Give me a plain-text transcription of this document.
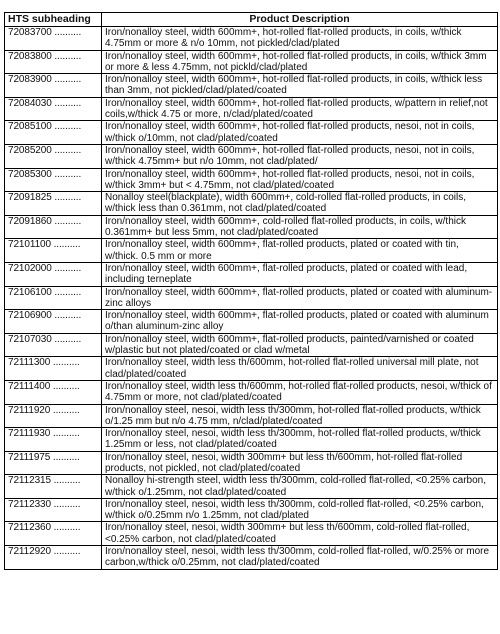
HTS subheading	Product Description
72083700 ..........	Iron/nonalloy steel, width 600mm+, hot-rolled flat-rolled products, in coils, w/thick 4.75mm or more & n/o 10mm, not pickled/clad/plated
72083800 ..........	Iron/nonalloy steel, width 600mm+, hot-rolled flat-rolled products, in coils, w/thick 3mm or more & less 4.75mm, not pickld/clad/plated
72083900 ..........	Iron/nonalloy steel, width 600mm+, hot-rolled flat-rolled products, in coils, w/thick less than 3mm, not pickled/clad/plated/coated
72084030 ..........	Iron/nonalloy steel, width 600mm+, hot-rolled flat-rolled products, w/pattern in relief,not coils,w/thick 4.75 or more, n/clad/plated/coated
72085100 ..........	Iron/nonalloy steel, width 600mm+, hot-rolled flat-rolled products, nesoi, not in coils, w/thick o/10mm, not clad/plated/coated
72085200 ..........	Iron/nonalloy steel, width 600mm+, hot-rolled flat-rolled products, nesoi, not in coils, w/thick 4.75mm+ but n/o 10mm, not clad/plated/
72085300 ..........	Iron/nonalloy steel, width 600mm+, hot-rolled flat-rolled products, nesoi, not in coils, w/thick 3mm+ but < 4.75mm, not clad/plated/coated
72091825 ..........	Nonalloy steel(blackplate), width 600mm+, cold-rolled flat-rolled products, in coils, w/thick less than 0.361mm, not clad/plated/coated
72091860 ..........	Iron/nonalloy steel, width 600mm+, cold-rolled flat-rolled products, in coils, w/thick 0.361mm+ but less 5mm, not clad/plated/coated
72101100 ..........	Iron/nonalloy steel, width 600mm+, flat-rolled products, plated or coated with tin, w/thick. 0.5 mm or more
72102000 ..........	Iron/nonalloy steel, width 600mm+, flat-rolled products, plated or coated with lead, including terneplate
72106100 ..........	Iron/nonalloy steel, width 600mm+, flat-rolled products, plated or coated with aluminum-zinc alloys
72106900 ..........	Iron/nonalloy steel, width 600mm+, flat-rolled products, plated or coated with aluminum o/than aluminum-zinc alloy
72107030 ..........	Iron/nonalloy steel, width 600mm+, flat-rolled products, painted/varnished or coated w/plastic but not plated/coated or clad w/metal
72111300 ..........	Iron/nonalloy steel, width less th/600mm, hot-rolled flat-rolled universal mill plate, not clad/plated/coated
72111400 ..........	Iron/nonalloy steel, width less th/600mm, hot-rolled flat-rolled products, nesoi, w/thick of 4.75mm or more, not clad/plated/coated
72111920 ..........	Iron/nonalloy steel, nesoi, width less th/300mm, hot-rolled flat-rolled products, w/thick o/1.25 mm but n/o 4.75 mm, n/clad/plated/coated
72111930 ..........	Iron/nonalloy steel, nesoi, width less th/300mm, hot-rolled flat-rolled products, w/thick 1.25mm or less, not clad/plated/coated
72111975 ..........	Iron/nonalloy steel, nesoi, width 300mm+ but less th/600mm, hot-rolled flat-rolled products, not pickled, not clad/plated/coated
72112315 ..........	Nonalloy hi-strength steel, width less th/300mm, cold-rolled flat-rolled, <0.25% carbon, w/thick o/1.25mm, not clad/plated/coated
72112330 ..........	Iron/nonalloy steel, nesoi, width less th/300mm, cold-rolled flat-rolled, <0.25% carbon, w/thick o/0.25mm n/o 1.25mm, not clad/plated
72112360 ..........	Iron/nonalloy steel, nesoi, width 300mm+ but less th/600mm, cold-rolled flat-rolled, <0.25% carbon, not clad/plated/coated
72112920 ..........	Iron/nonalloy steel, nesoi, width less th/300mm, cold-rolled flat-rolled, w/0.25% or more carbon,w/thick o/0.25mm, not clad/plated/coated
